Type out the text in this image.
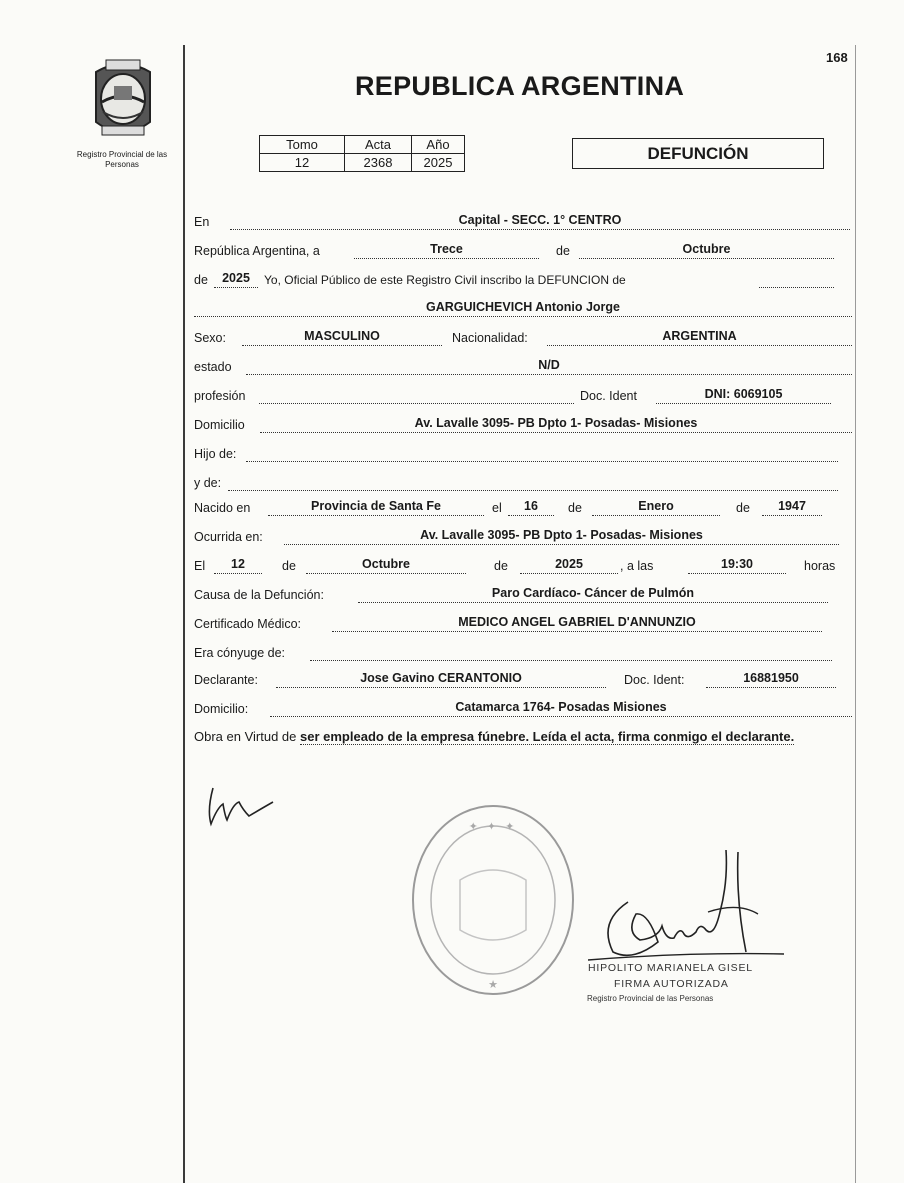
168
REPUBLICA ARGENTINA
Registro Provincial de las Personas
Tomo	Acta	Año
12	2368	2025	DEFUNCIÓN
En	Capital - SECC. 1° CENTRO
República Argentina, a	Trece	de	Octubre
de	2025	Yo, Oficial Público de este Registro Civil inscribo la DEFUNCION de
GARGUICHEVICH Antonio Jorge
Sexo:	MASCULINO	Nacionalidad:	ARGENTINA
estado	N/D
profesión	Doc. Ident	DNI: 6069105
Domicilio	Av. Lavalle 3095- PB Dpto 1- Posadas- Misiones
Hijo de:
y de:
Nacido en	Provincia de Santa Fe	el	16	de	Enero	de	1947
Ocurrida en:	Av. Lavalle 3095- PB Dpto 1- Posadas- Misiones
El	12	de	Octubre	de	2025	, a las	19:30	horas
Causa de la Defunción:	Paro Cardíaco- Cáncer de Pulmón
Certificado Médico:	MEDICO ANGEL GABRIEL D'ANNUNZIO
Era cónyuge de:
Declarante:	Jose Gavino CERANTONIO	Doc. Ident:	16881950
Domicilio:	Catamarca 1764- Posadas Misiones
Obra en Virtud de ser empleado de la empresa fúnebre. Leída el acta, firma conmigo el declarante.
✦ ✦ ✦
★
HIPOLITO MARIANELA GISEL
FIRMA AUTORIZADA
Registro Provincial de las Personas
